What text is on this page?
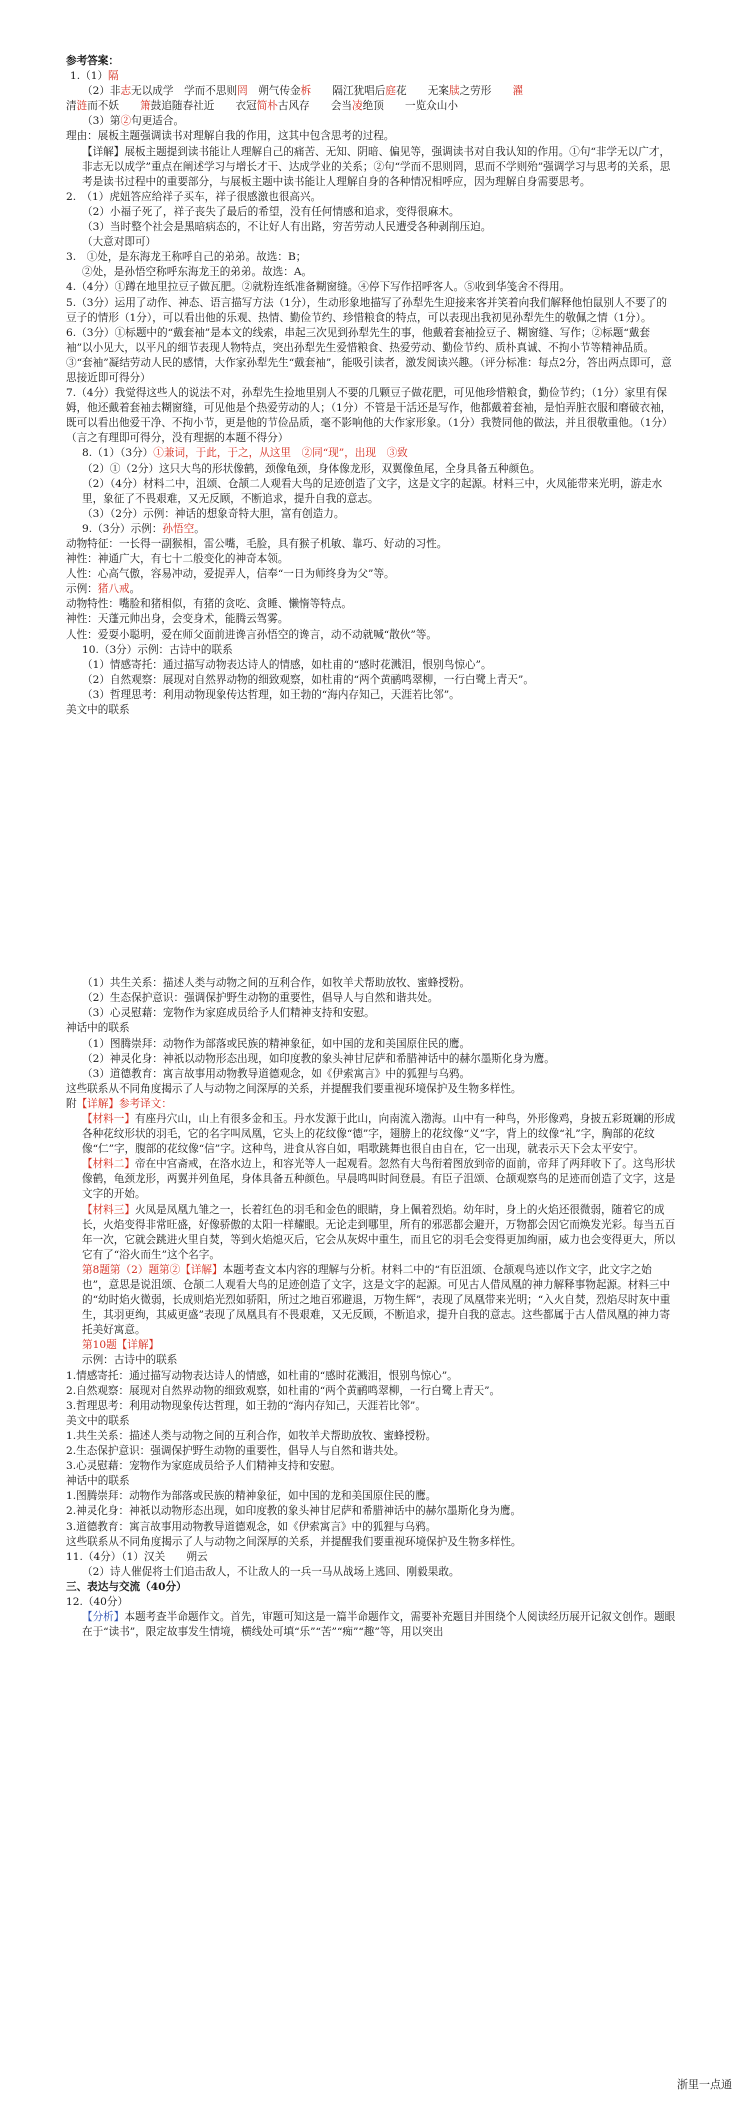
参考答案：

1.（1）隔

（2）非志无以成学　学而不思则罔　朔气传金柝　　隔江犹唱后庭花　　无案牍之劳形　　濯

清涟而不妖　　箫鼓追随春社近　　衣冠简朴古风存　　会当凌绝顶　　一览众山小

（3）第②句更适合。

理由：展板主题强调读书对理解自我的作用，这其中包含思考的过程。

【详解】展板主题提到读书能让人理解自己的痛苦、无知、阴暗、偏见等，强调读书对自我认知的作用。①句“非学无以广才，非志无以成学”重点在阐述学习与增长才干、达成学业的关系；②句“学而不思则罔，思而不学则殆”强调学习与思考的关系，思考是读书过程中的重要部分，与展板主题中读书能让人理解自身的各种情况相呼应，因为理解自身需要思考。

2.　（1）虎妞答应给祥子买车，祥子很感激也很高兴。

（2）小福子死了，祥子丧失了最后的希望，没有任何情感和追求，变得很麻木。

（3）当时整个社会是黑暗病态的，不让好人有出路，穷苦劳动人民遭受各种剥削压迫。

（大意对即可）

3.　①处，是东海龙王称呼自己的弟弟。故选：B；

②处，是孙悟空称呼东海龙王的弟弟。故选：A。

4.（4分）①蹲在地里拉豆子做瓦肥。②就粉连纸准备糊窗缝。④停下写作招呼客人。⑤收到华笺舍不得用。

5.（3分）运用了动作、神态、语言描写方法（1分），生动形象地描写了孙犁先生迎接来客并笑着向我们解释他怕鼠别人不要了的豆子的情形（1分），可以看出他的乐观、热情、勤俭节约、珍惜粮食的特点，可以表现出我初见孙犁先生的敬佩之情（1分）。

6.（3分）①标题中的“戴套袖”是本文的线索，串起三次见到孙犁先生的事，他戴着套袖捡豆子、糊窗缝、写作；②标题“戴套袖”以小见大，以平凡的细节表现人物特点，突出孙犁先生爱惜粮食、热爱劳动、勤俭节约、质朴真诚、不拘小节等精神品质。③“套袖”凝结劳动人民的感情，大作家孙犁先生“戴套袖”，能吸引读者，激发阅读兴趣。（评分标准：每点2分，答出两点即可，意思接近即可得分）

7.（4分）我觉得这些人的说法不对，孙犁先生捡地里别人不要的几颗豆子做花肥，可见他珍惜粮食，勤俭节约；（1分）家里有保姆，他还戴着套袖去糊窗缝，可见他是个热爱劳动的人；（1分）不管是干活还是写作，他都戴着套袖，是怕弄脏衣服和磨破衣袖，既可以看出他爱干净、不拘小节，更是他的节俭品质，毫不影响他的大作家形象。（1分）我赞同他的做法，并且很敬重他。（1分）（言之有理即可得分，没有理据的本题不得分）

8.（1）（3分）①兼词，于此，于之，从这里　②同“现”，出现　③致

（2）①（2分）这只大鸟的形状像鹤，颈像龟颈，身体像龙形，双翼像鱼尾，全身具备五种颜色。

（2）（4分）材料二中，沮颂、仓颉二人观看大鸟的足迹创造了文字，这是文字的起源。材料三中，火凤能带来光明，游走水里，象征了不畏艰难，又无反顾，不断追求，提升自我的意志。

（3）（2分）示例：神话的想象奇特大胆，富有创造力。

9.（3分）示例：孙悟空。

动物特征：一长得一副猴相，雷公嘴，毛脸，具有猴子机敏、靠巧、好动的习性。

神性：神通广大，有七十二般变化的神奇本领。

人性：心高气傲，容易冲动，爱捉弄人，信奉“一日为师终身为父”等。

示例：猪八戒。

动物特性：嘴脸和猪相似，有猪的贪吃、贪睡、懒惰等特点。

神性：天蓬元帅出身，会变身术，能腾云驾雾。

人性：爱耍小聪明，爱在师父面前进谗言孙悟空的谗言，动不动就喊“散伙”等。

10.（3分）示例：古诗中的联系

（1）情感寄托：通过描写动物表达诗人的情感，如杜甫的“感时花溅泪，恨别鸟惊心”。

（2）自然观察：展现对自然界动物的细致观察，如杜甫的“两个黄鹂鸣翠柳，一行白鹭上青天”。

（3）哲理思考：利用动物现象传达哲理，如王勃的“海内存知己，天涯若比邻”。

美文中的联系

（1）共生关系：描述人类与动物之间的互利合作，如牧羊犬帮助放牧、蜜蜂授粉。

（2）生态保护意识：强调保护野生动物的重要性，倡导人与自然和谐共处。

（3）心灵慰藉：宠物作为家庭成员给予人们精神支持和安慰。

神话中的联系

（1）图腾崇拜：动物作为部落或民族的精神象征，如中国的龙和美国原住民的鹰。

（2）神灵化身：神祇以动物形态出现，如印度教的象头神甘尼萨和希腊神话中的赫尔墨斯化身为鹰。

（3）道德教育：寓言故事用动物教导道德观念，如《伊索寓言》中的狐狸与乌鸦。

这些联系从不同角度揭示了人与动物之间深厚的关系，并提醒我们要重视环境保护及生物多样性。

附【详解】参考译文：

【材料一】有座丹穴山，山上有很多金和玉。丹水发源于此山，向南流入渤海。山中有一种鸟，外形像鸡，身披五彩斑斓的形成各种花纹形状的羽毛，它的名字叫凤凰，它头上的花纹像“德”字，翅膀上的花纹像“义”字，背上的纹像“礼”字，胸部的花纹像“仁”字，腹部的花纹像“信”字。这种鸟，进食从容自如，唱歌跳舞也很自由自在，它一出现，就表示天下会太平安宁。

【材料二】帝在中宫斋戒，在洛水边上，和容光等人一起观看。忽然有大鸟衔着图放到帝的面前，帝拜了两拜收下了。这鸟形状像鹤，龟颈龙形，两翼并列鱼尾，身体具备五种颜色。早晨鸣叫时间登晨。有臣子沮颂、仓颉观察鸟的足迹而创造了文字，这是文字的开始。

【材料三】火凤是凤凰九雏之一，长着红色的羽毛和金色的眼睛，身上佩着烈焰。幼年时，身上的火焰还很微弱，随着它的成长，火焰变得非常旺盛，好像骄傲的太阳一样耀眼。无论走到哪里，所有的邪恶都会避开，万物都会因它而焕发光彩。每当五百年一次，它就会跳进火里自焚，等到火焰熄灭后，它会从灰烬中重生，而且它的羽毛会变得更加绚丽，威力也会变得更大，所以它有了“浴火而生”这个名字。

第8题第（2）题第②【详解】本题考查文本内容的理解与分析。材料二中的“有臣沮颂、仓颉观鸟迹以作文字，此文字之始也”，意思是说沮颂、仓颉二人观看大鸟的足迹创造了文字，这是文字的起源。可见古人借凤凰的神力解释事物起源。材料三中的“幼时焰火微弱，长成则焰光烈如骄阳，所过之地百邪避退，万物生辉”，表现了凤凰带来光明；“入火自焚，烈焰尽时灰中重生，其羽更绚，其威更盛”表现了凤凰具有不畏艰难，又无反顾，不断追求，提升自我的意志。这些都属于古人借凤凰的神力寄托美好寓意。

第10题【详解】

示例：古诗中的联系

1.情感寄托：通过描写动物表达诗人的情感，如杜甫的“感时花溅泪，恨别鸟惊心”。

2.自然观察：展现对自然界动物的细致观察，如杜甫的“两个黄鹂鸣翠柳，一行白鹭上青天”。

3.哲理思考：利用动物现象传达哲理，如王勃的“海内存知己，天涯若比邻”。

美文中的联系

1.共生关系：描述人类与动物之间的互利合作，如牧羊犬帮助放牧、蜜蜂授粉。

2.生态保护意识：强调保护野生动物的重要性，倡导人与自然和谐共处。

3.心灵慰藉：宠物作为家庭成员给予人们精神支持和安慰。

神话中的联系

1.图腾崇拜：动物作为部落或民族的精神象征，如中国的龙和美国原住民的鹰。

2.神灵化身：神祇以动物形态出现，如印度教的象头神甘尼萨和希腊神话中的赫尔墨斯化身为鹰。

3.道德教育：寓言故事用动物教导道德观念，如《伊索寓言》中的狐狸与乌鸦。

这些联系从不同角度揭示了人与动物之间深厚的关系，并提醒我们要重视环境保护及生物多样性。

11.（4分）（1）汉关　　朔云

（2）诗人催促将士们追击敌人，不让敌人的一兵一马从战场上逃回、刚毅果敢。

三、表达与交流（40分）

12.（40分）

【分析】本题考查半命题作文。首先，审题可知这是一篇半命题作文，需要补充题目并围绕个人阅读经历展开记叙文创作。题眼在于“读书”，限定故事发生情境，横线处可填“乐”“苦”“痴”“趣”等，用以突出

浙里一点通
